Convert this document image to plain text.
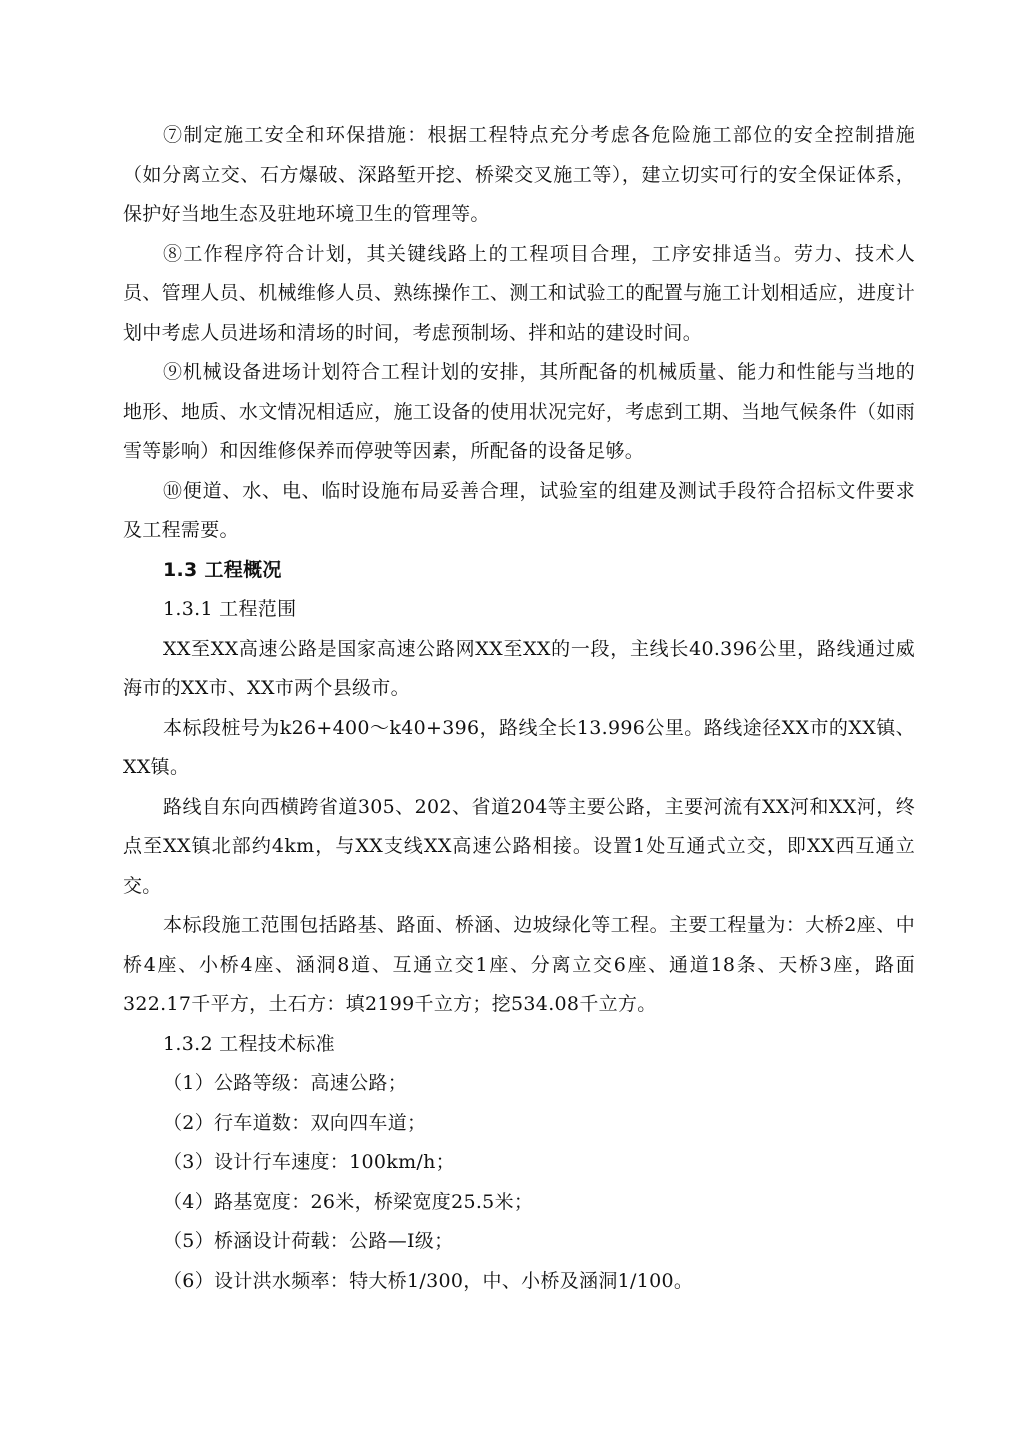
⑦制定施工安全和环保措施：根据工程特点充分考虑各危险施工部位的安全控制措施（如分离立交、石方爆破、深路堑开挖、桥梁交叉施工等），建立切实可行的安全保证体系，保护好当地生态及驻地环境卫生的管理等。

⑧工作程序符合计划，其关键线路上的工程项目合理，工序安排适当。劳力、技术人员、管理人员、机械维修人员、熟练操作工、测工和试验工的配置与施工计划相适应，进度计划中考虑人员进场和清场的时间，考虑预制场、拌和站的建设时间。

⑨机械设备进场计划符合工程计划的安排，其所配备的机械质量、能力和性能与当地的地形、地质、水文情况相适应，施工设备的使用状况完好，考虑到工期、当地气候条件（如雨雪等影响）和因维修保养而停驶等因素，所配备的设备足够。

⑩便道、水、电、临时设施布局妥善合理，试验室的组建及测试手段符合招标文件要求及工程需要。

1.3 工程概况

1.3.1 工程范围

XX至XX高速公路是国家高速公路网XX至XX的一段，主线长40.396公里，路线通过威海市的XX市、XX市两个县级市。

本标段桩号为k26+400～k40+396，路线全长13.996公里。路线途径XX市的XX镇、XX镇。

路线自东向西横跨省道305、202、省道204等主要公路，主要河流有XX河和XX河，终点至XX镇北部约4km，与XX支线XX高速公路相接。设置1处互通式立交，即XX西互通立交。

本标段施工范围包括路基、路面、桥涵、边坡绿化等工程。主要工程量为：大桥2座、中桥4座、小桥4座、涵洞8道、互通立交1座、分离立交6座、通道18条、天桥3座，路面322.17千平方，土石方：填2199千立方；挖534.08千立方。

1.3.2 工程技术标准

（1）公路等级：高速公路；

（2）行车道数：双向四车道；

（3）设计行车速度：100km/h；

（4）路基宽度：26米，桥梁宽度25.5米；

（5）桥涵设计荷载：公路—Ⅰ级；

（6）设计洪水频率：特大桥1/300，中、小桥及涵洞1/100。
